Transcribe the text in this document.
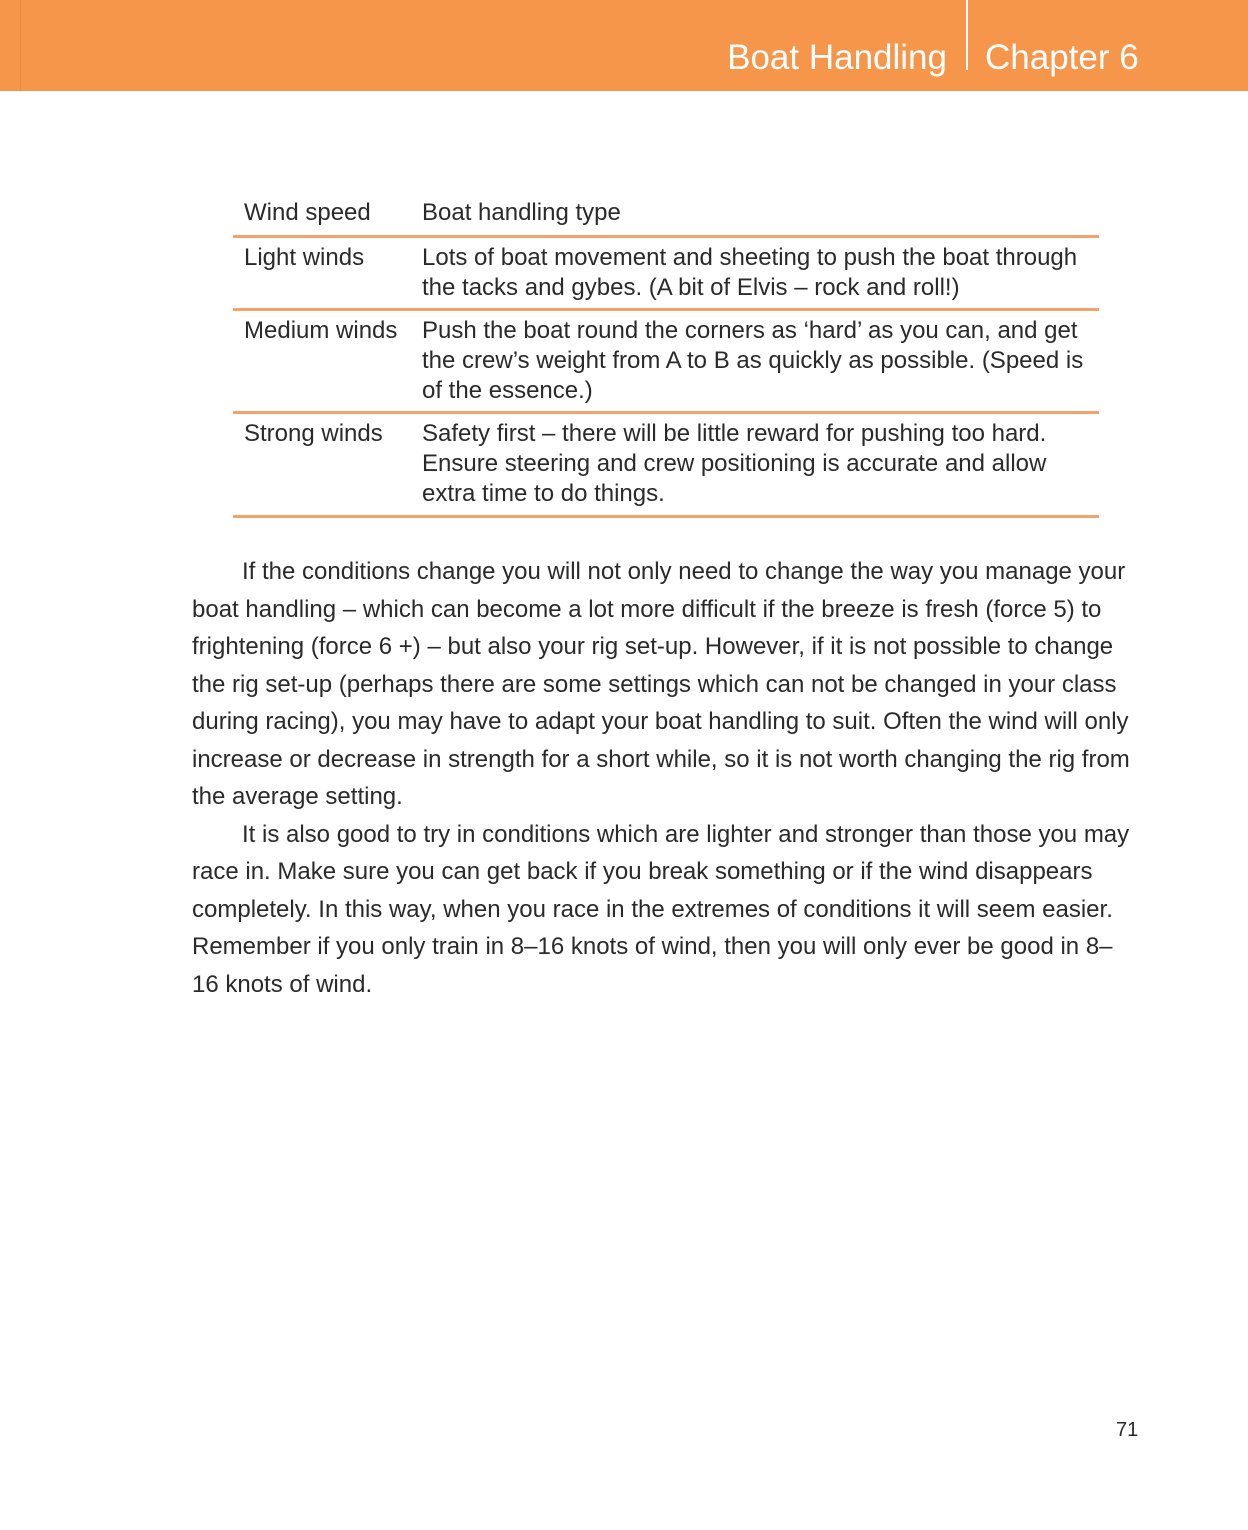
Boat Handling Chapter 6
Wind speed	Boat handling type
Light winds	Lots of boat movement and sheeting to push the boat through the tacks and gybes. (A bit of Elvis – rock and roll!)
Medium winds	Push the boat round the corners as ‘hard’ as you can, and get the crew’s weight from A to B as quickly as possible. (Speed is of the essence.)
Strong winds	Safety first – there will be little reward for pushing too hard. Ensure steering and crew positioning is accurate and allow extra time to do things.

If the conditions change you will not only need to change the way you manage your boat handling – which can become a lot more difficult if the breeze is fresh (force 5) to frightening (force 6 +) – but also your rig set-up. However, if it is not possible to change the rig set-up (perhaps there are some settings which can not be changed in your class during racing), you may have to adapt your boat handling to suit. Often the wind will only increase or decrease in strength for a short while, so it is not worth changing the rig from the average setting.

It is also good to try in conditions which are lighter and stronger than those you may race in. Make sure you can get back if you break something or if the wind disappears completely. In this way, when you race in the extremes of conditions it will seem easier. Remember if you only train in 8–16 knots of wind, then you will only ever be good in 8–16 knots of wind.

71
